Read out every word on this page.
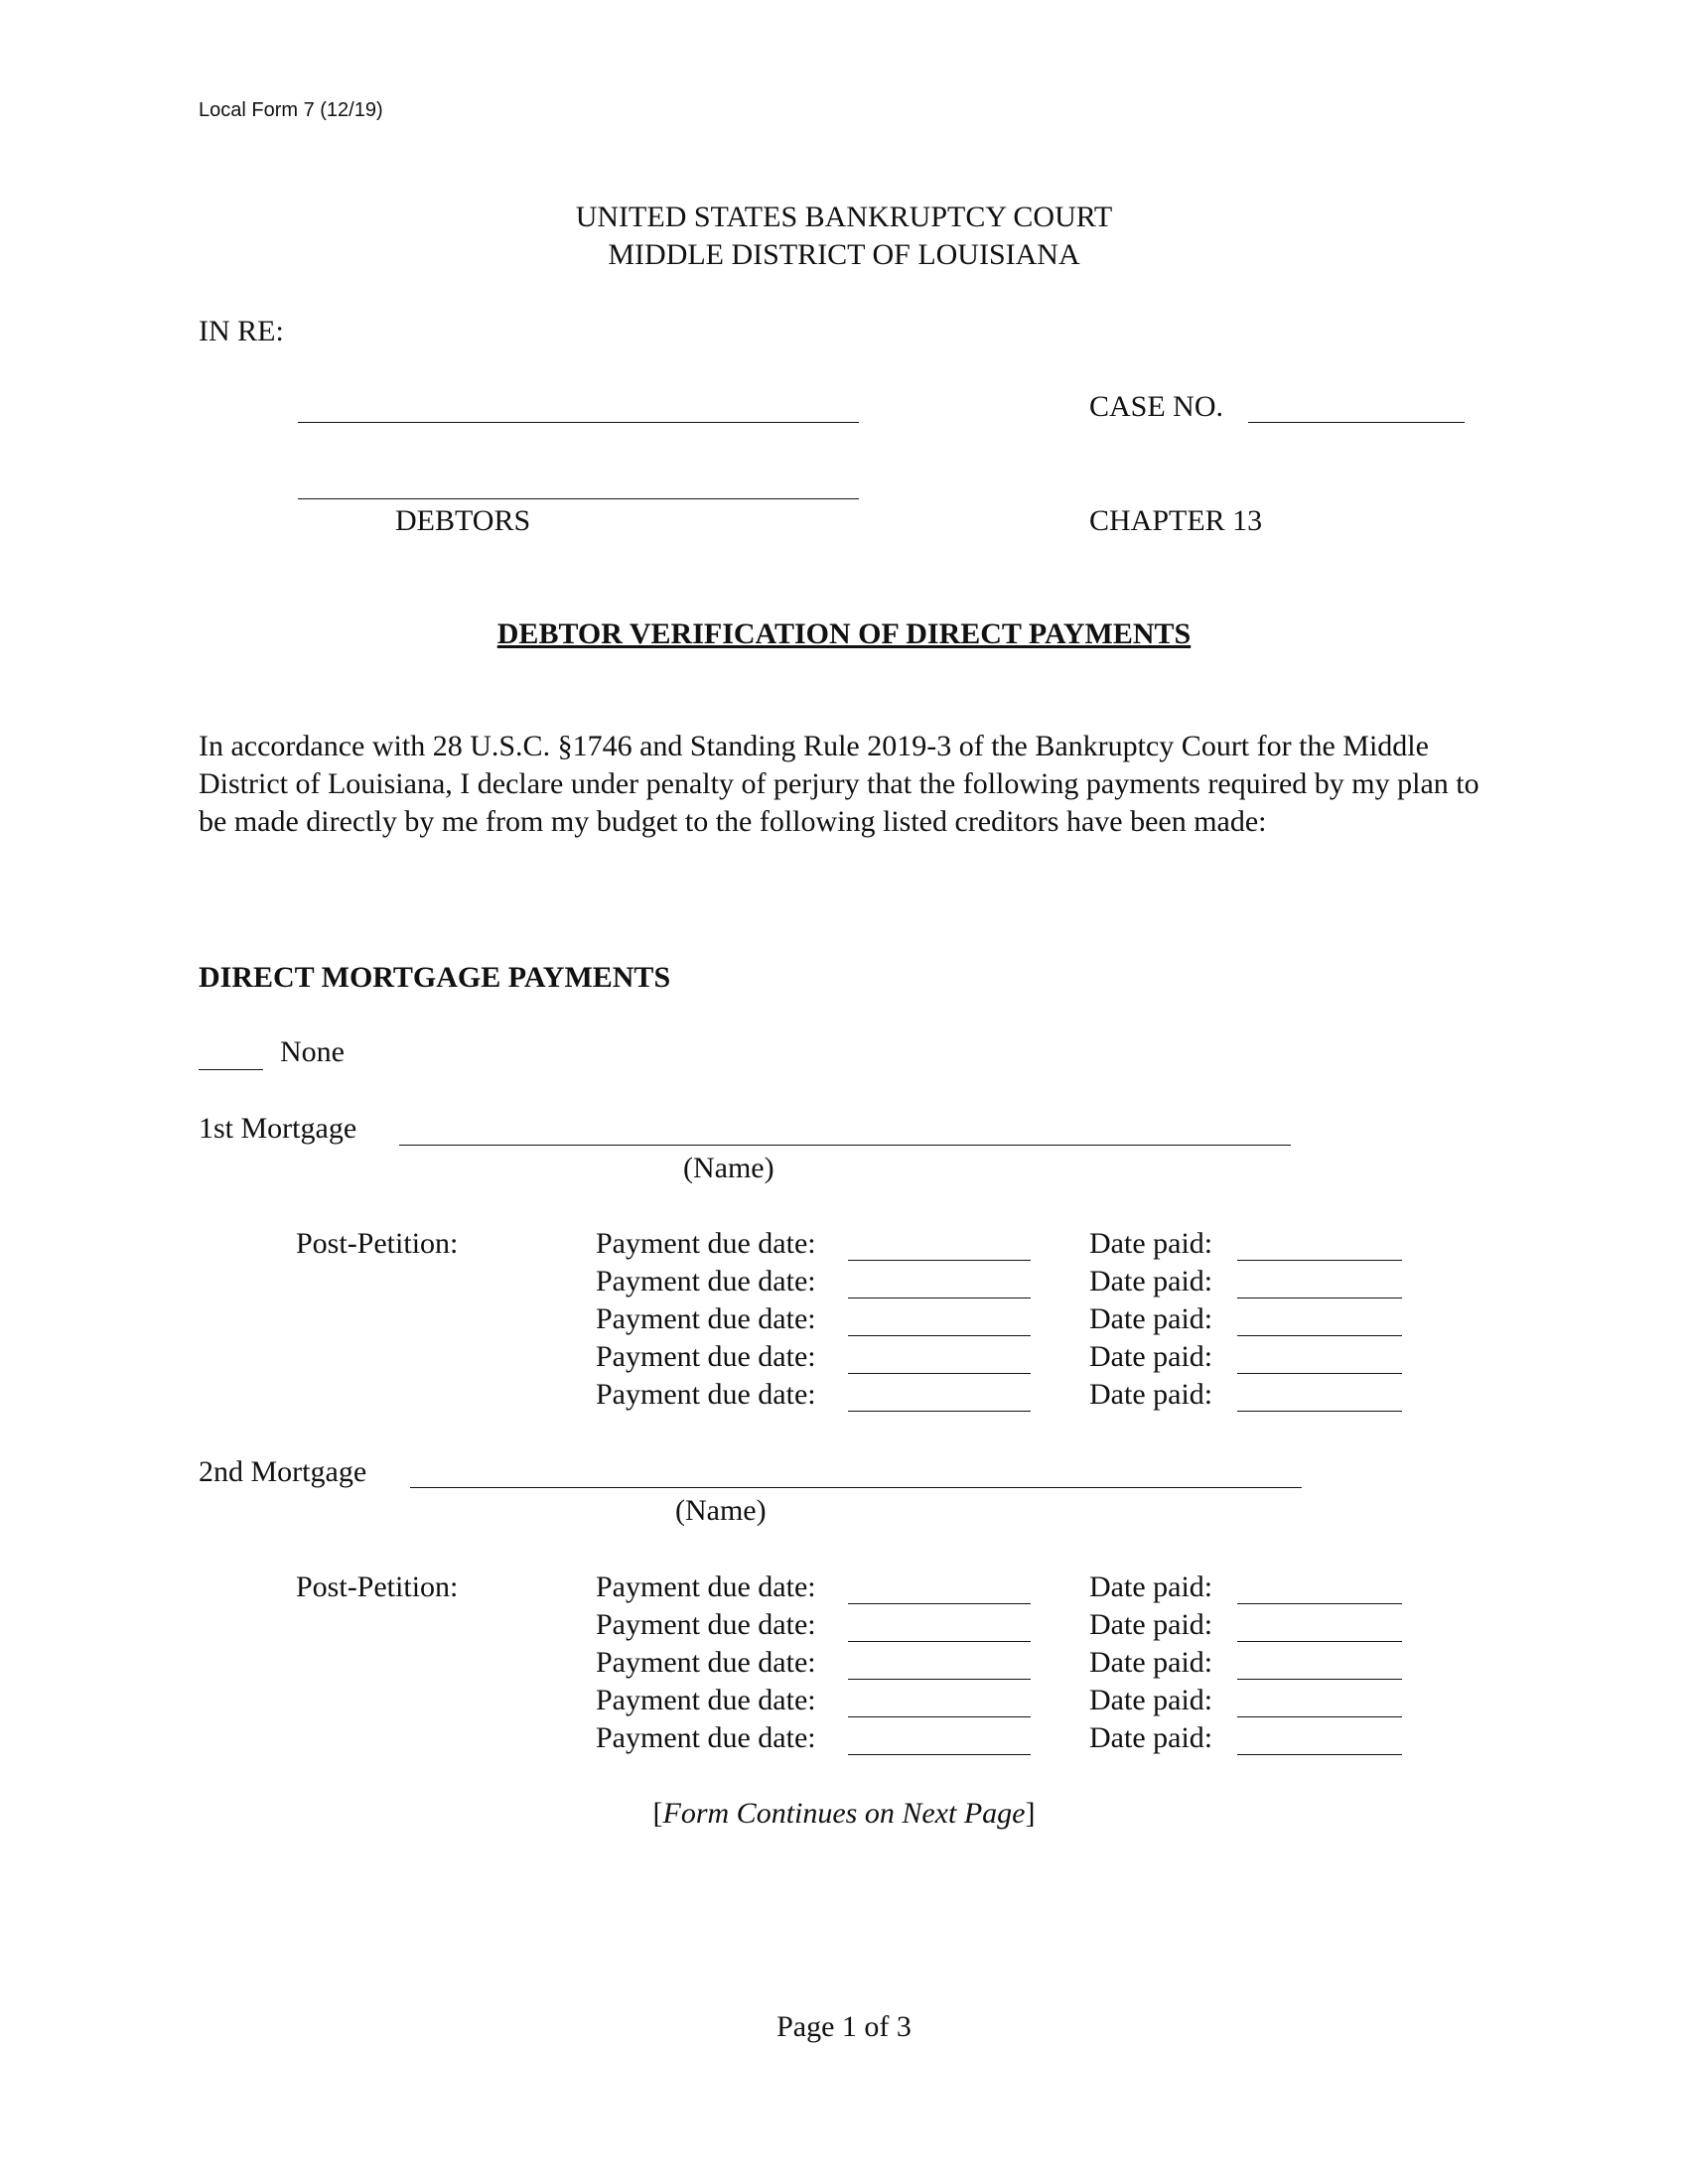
Local Form 7 (12/19)
UNITED STATES BANKRUPTCY COURT
MIDDLE DISTRICT OF LOUISIANA
IN RE:
CASE NO.
DEBTORS	CHAPTER 13
DEBTOR VERIFICATION OF DIRECT PAYMENTS
In accordance with 28 U.S.C. §1746 and Standing Rule 2019-3 of the Bankruptcy Court for the Middle District of Louisiana, I declare under penalty of perjury that the following payments required by my plan to be made directly by me from my budget to the following listed creditors have been made:
DIRECT MORTGAGE PAYMENTS
None
1st Mortgage
(Name)
Post-Petition:	Payment due date:	Date paid:
Payment due date:	Date paid:
Payment due date:	Date paid:
Payment due date:	Date paid:
Payment due date:	Date paid:
2nd Mortgage
(Name)
Post-Petition:	Payment due date:	Date paid:
Payment due date:	Date paid:
Payment due date:	Date paid:
Payment due date:	Date paid:
Payment due date:	Date paid:
[Form Continues on Next Page]
Page 1 of 3
